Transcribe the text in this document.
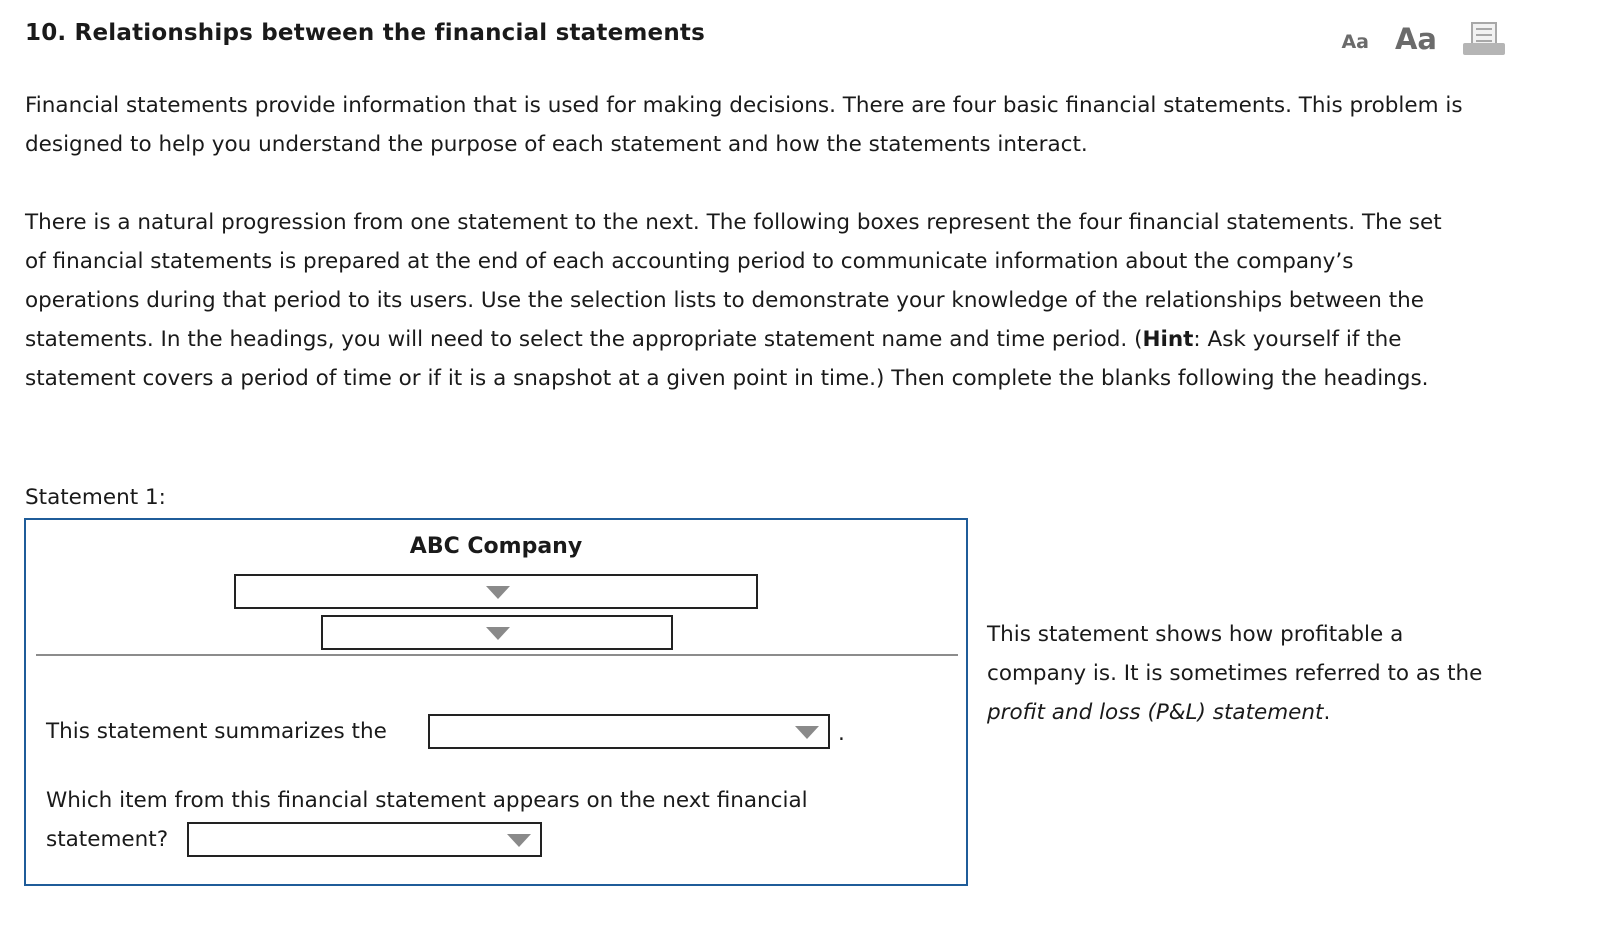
10. Relationships between the financial statements	Aa Aa

Financial statements provide information that is used for making decisions. There are four basic financial statements. This problem is designed to help you understand the purpose of each statement and how the statements interact.

There is a natural progression from one statement to the next. The following boxes represent the four financial statements. The set of financial statements is prepared at the end of each accounting period to communicate information about the company’s operations during that period to its users. Use the selection lists to demonstrate your knowledge of the relationships between the statements. In the headings, you will need to select the appropriate statement name and time period. (Hint: Ask yourself if the statement covers a period of time or if it is a snapshot at a given point in time.) Then complete the blanks following the headings.

Statement 1:

ABC Company
This statement summarizes the	.
Which item from this financial statement appears on the next financial
statement?

This statement shows how profitable a company is. It is sometimes referred to as the profit and loss (P&L) statement.
